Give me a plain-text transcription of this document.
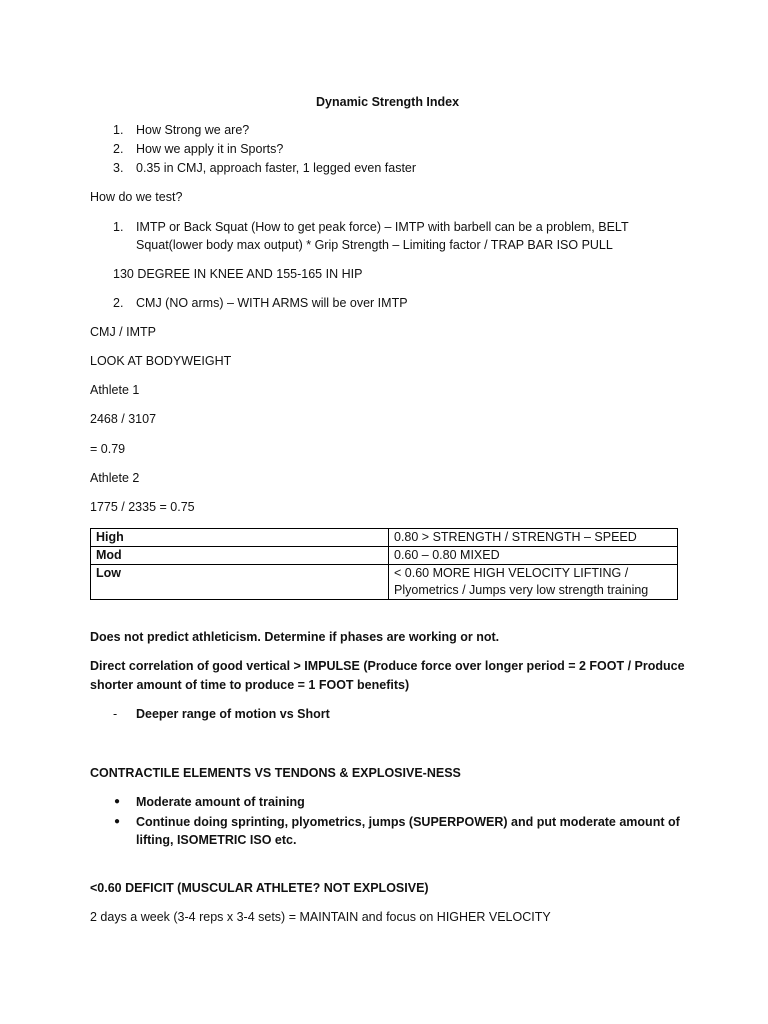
Dynamic Strength Index
1. How Strong we are?
2. How we apply it in Sports?
3. 0.35 in CMJ, approach faster, 1 legged even faster
How do we test?
1. IMTP or Back Squat (How to get peak force) – IMTP with barbell can be a problem, BELT
Squat(lower body max output) * Grip Strength – Limiting factor / TRAP BAR ISO PULL
130 DEGREE IN KNEE AND 155-165 IN HIP
2. CMJ (NO arms) – WITH ARMS will be over IMTP
CMJ / IMTP
LOOK AT BODYWEIGHT
Athlete 1
2468 / 3107
= 0.79
Athlete 2
1775 / 2335 = 0.75
High	0.80 > STRENGTH / STRENGTH – SPEED
Mod	0.60 – 0.80 MIXED
Low	< 0.60 MORE HIGH VELOCITY LIFTING /
Plyometrics / Jumps very low strength training
Does not predict athleticism. Determine if phases are working or not.
Direct correlation of good vertical > IMPULSE (Produce force over longer period = 2 FOOT / Produce
shorter amount of time to produce = 1 FOOT benefits)
- Deeper range of motion vs Short
CONTRACTILE ELEMENTS VS TENDONS & EXPLOSIVE-NESS
● Moderate amount of training
● Continue doing sprinting, plyometrics, jumps (SUPERPOWER) and put moderate amount of
lifting, ISOMETRIC ISO etc.
<0.60 DEFICIT (MUSCULAR ATHLETE? NOT EXPLOSIVE)
2 days a week (3-4 reps x 3-4 sets) = MAINTAIN and focus on HIGHER VELOCITY
